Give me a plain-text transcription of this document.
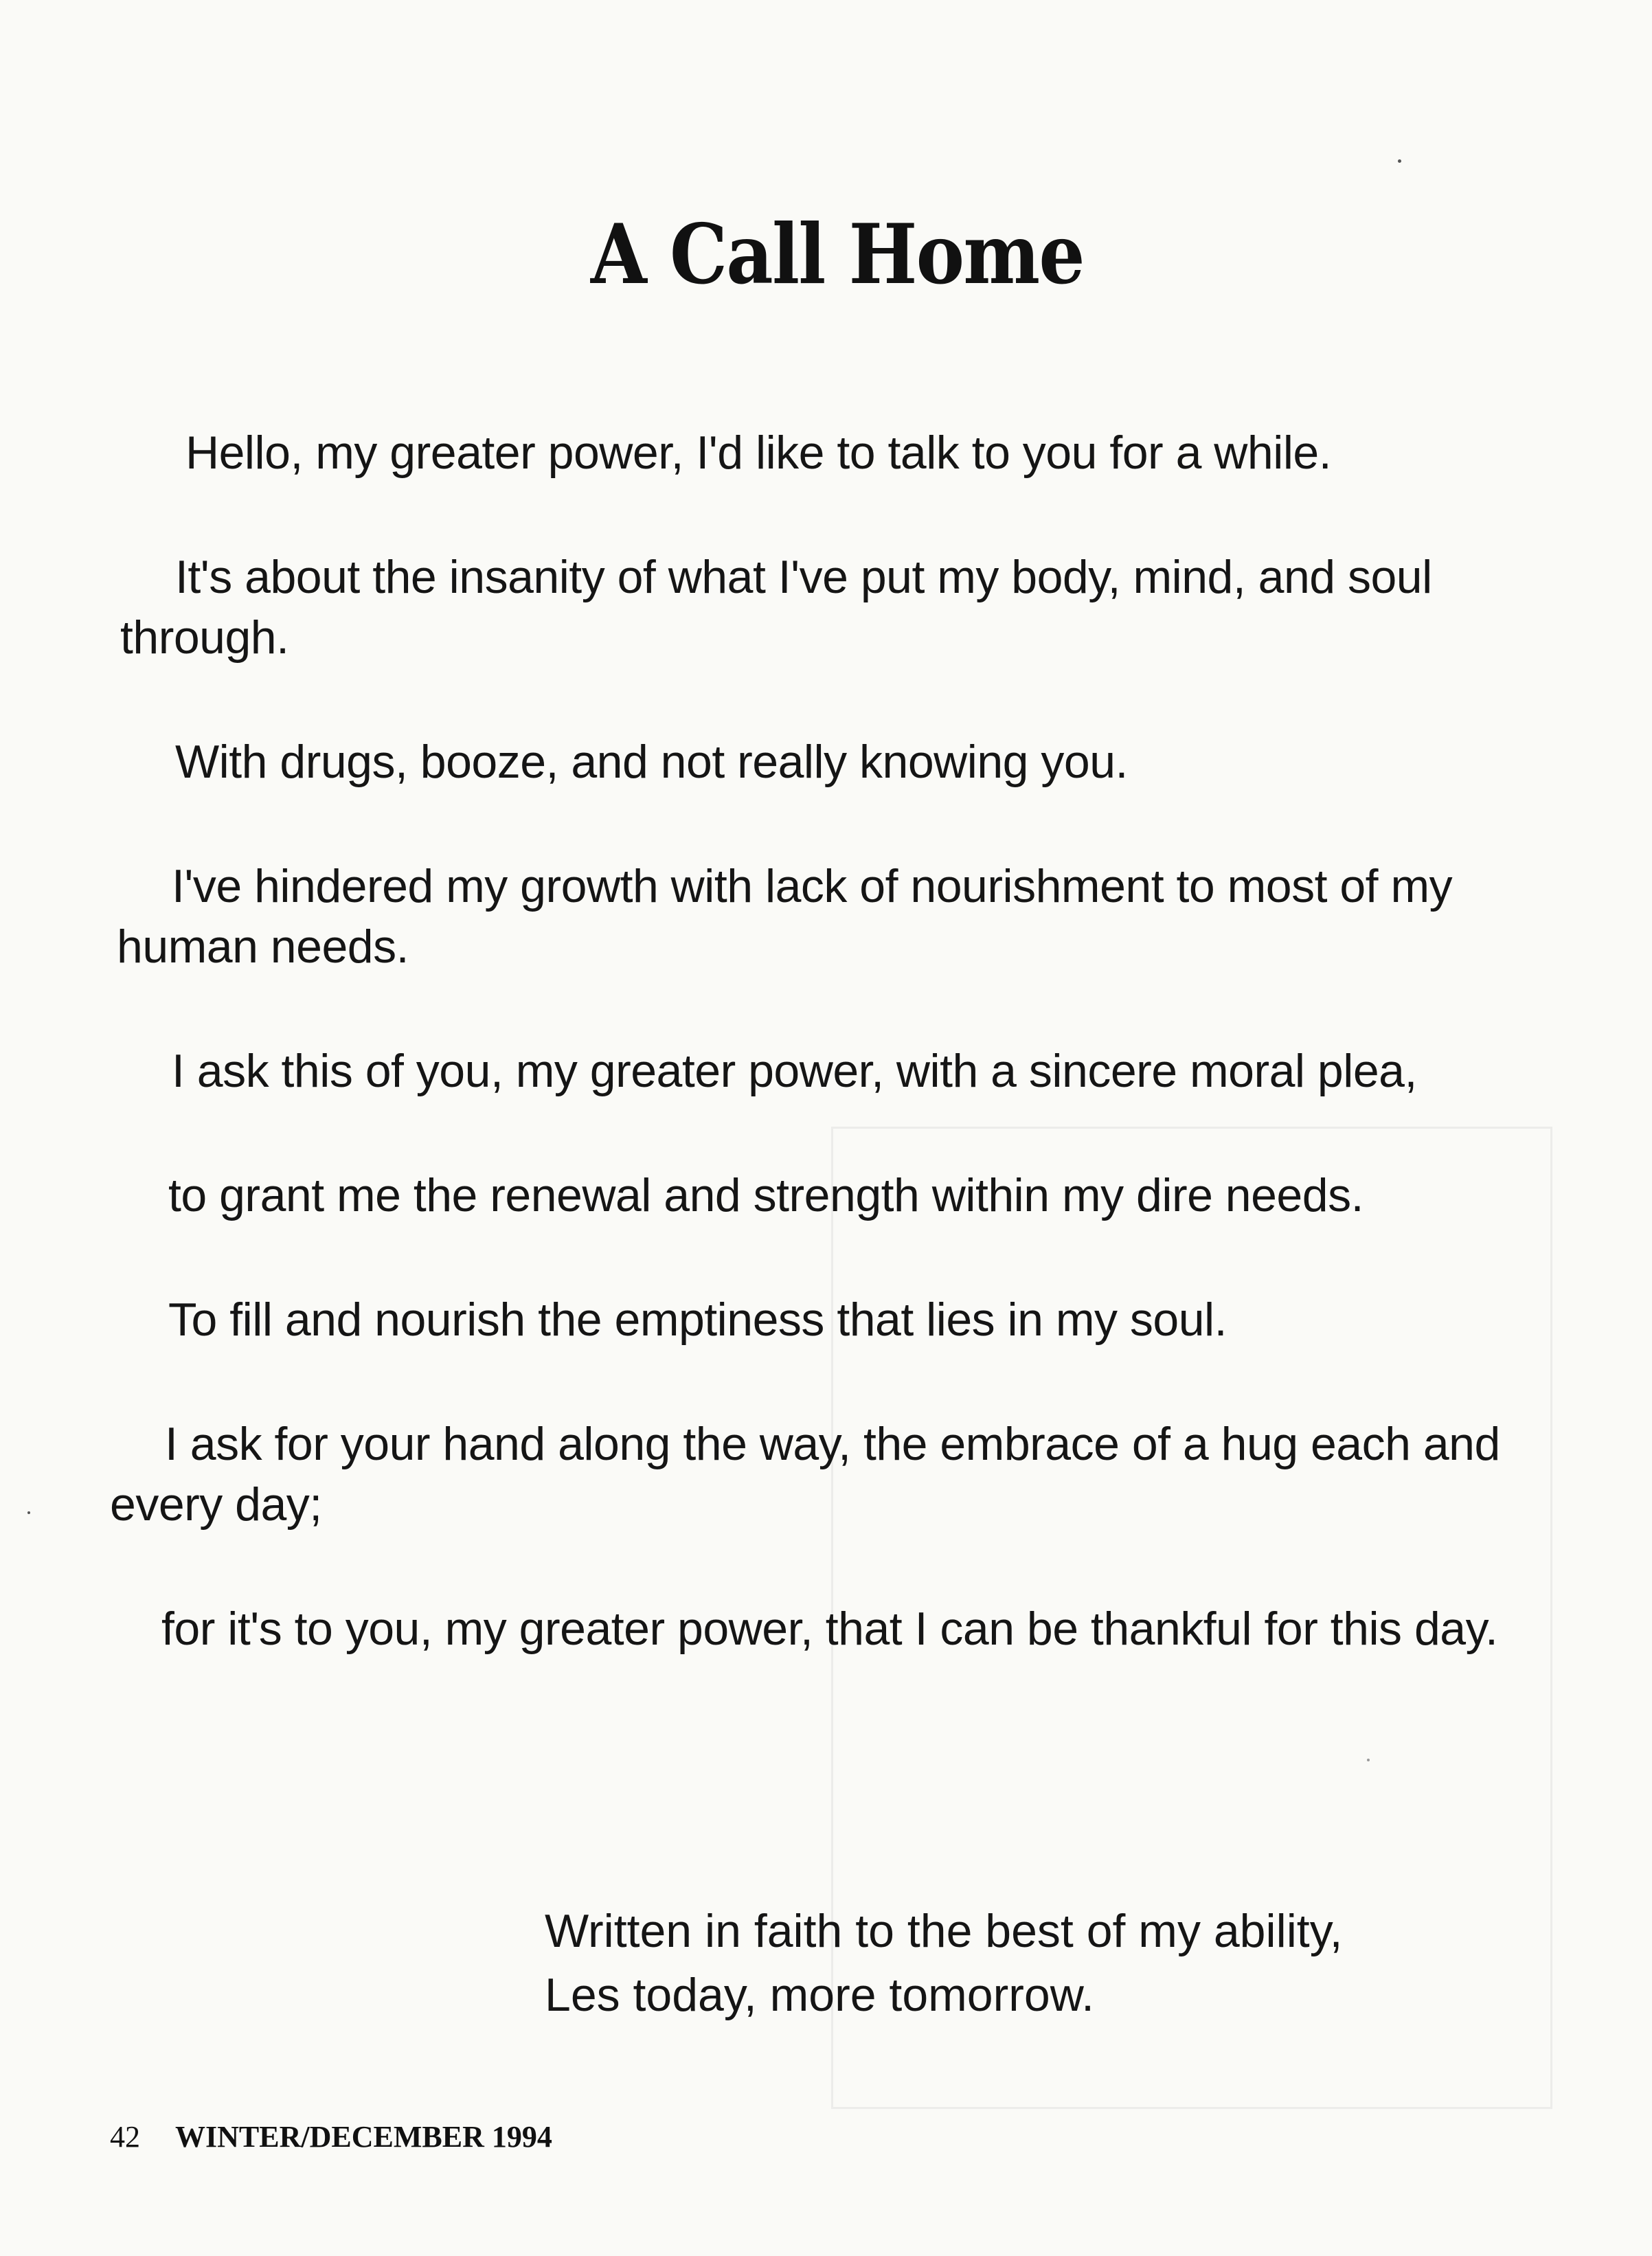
A Call Home

Hello, my greater power, I'd like to talk to you for a while.

It's about the insanity of what I've put my body, mind, and soul through.

With drugs, booze, and not really knowing you.

I've hindered my growth with lack of nourishment to most of my human needs.

I ask this of you, my greater power, with a sincere moral plea,

to grant me the renewal and strength within my dire needs.

To fill and nourish the emptiness that lies in my soul.

I ask for your hand along the way, the embrace of a hug each and every day;

for it's to you, my greater power, that I can be thankful for this day.

Written in faith to the best of my ability,
Les today, more tomorrow.
42 WINTER/DECEMBER 1994
